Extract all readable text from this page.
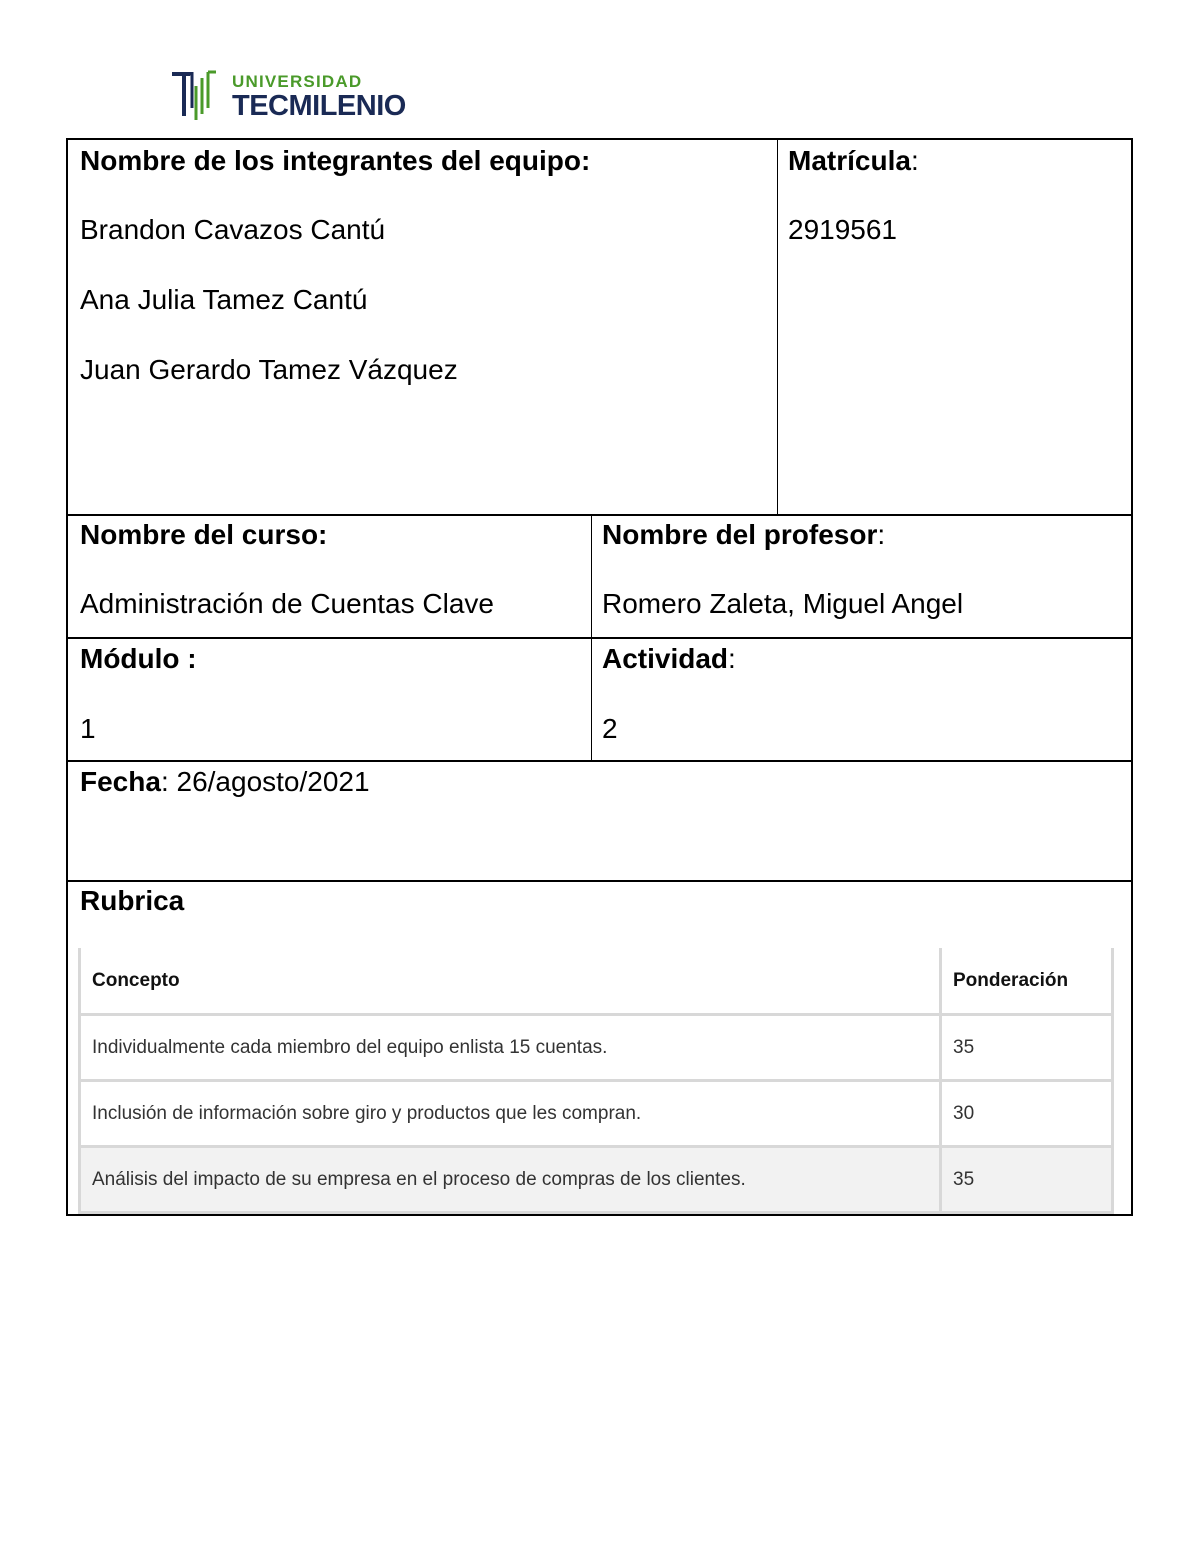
UNIVERSIDAD
TECMILENIO
Nombre de los integrantes del equipo:
Brandon Cavazos Cantú
Ana Julia Tamez Cantú
Juan Gerardo Tamez Vázquez
Matrícula:
2919561
Nombre del curso:
Administración de Cuentas Clave
Nombre del profesor:
Romero Zaleta, Miguel Angel
Módulo :
1
Actividad:
2
Fecha: 26/agosto/2021
Rubrica
Concepto	Ponderación
Individualmente cada miembro del equipo enlista 15 cuentas.	35
Inclusión de información sobre giro y productos que les compran.	30
Análisis del impacto de su empresa en el proceso de compras de los clientes.	35
